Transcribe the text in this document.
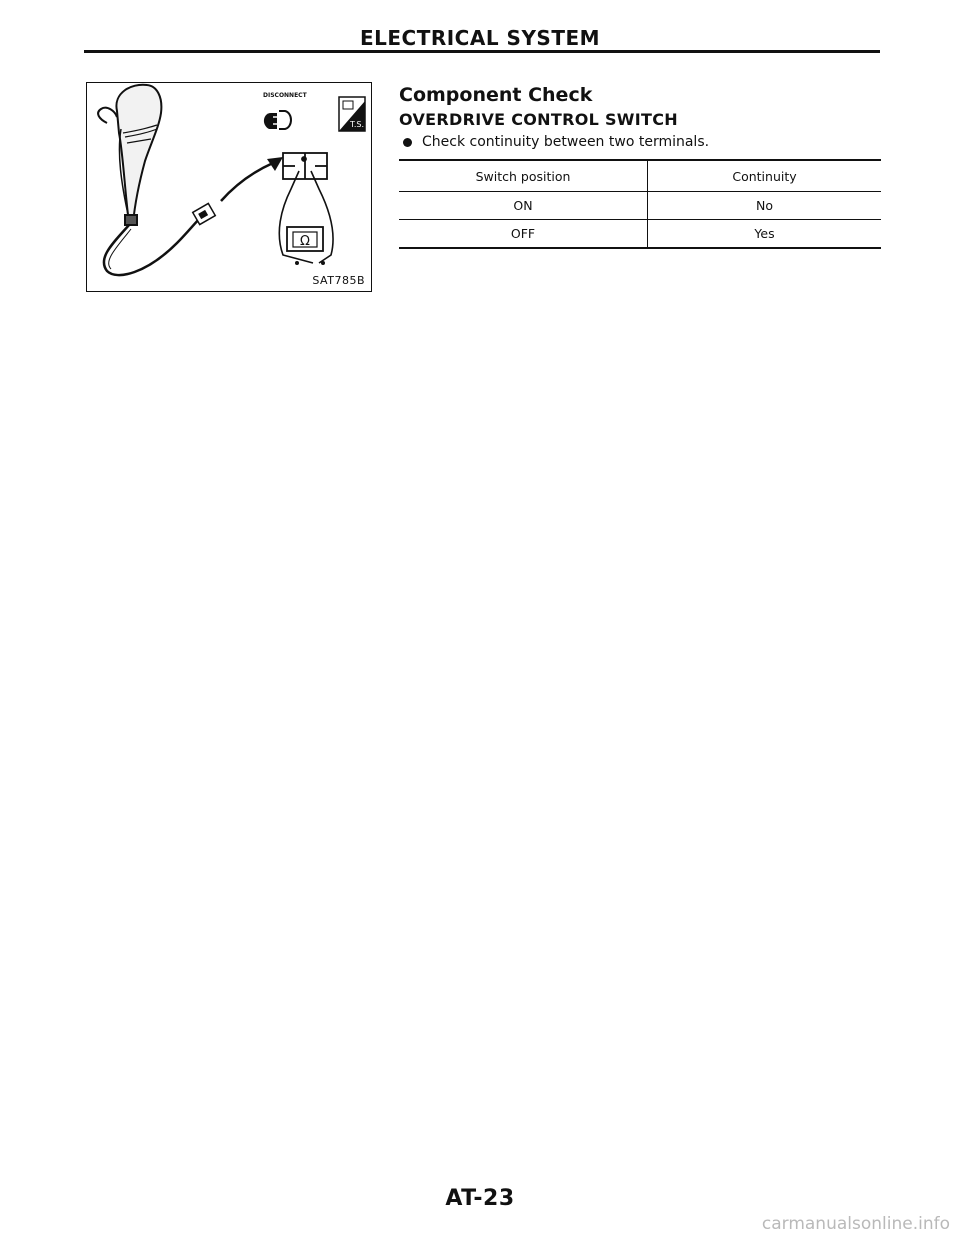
ELECTRICAL SYSTEM
Ω
T.S.
DISCONNECT
SAT785B
Component Check
OVERDRIVE CONTROL SWITCH
Check continuity between two terminals.
Switch position	Continuity
ON	No
OFF	Yes
AT-23
carmanualsonline.info
